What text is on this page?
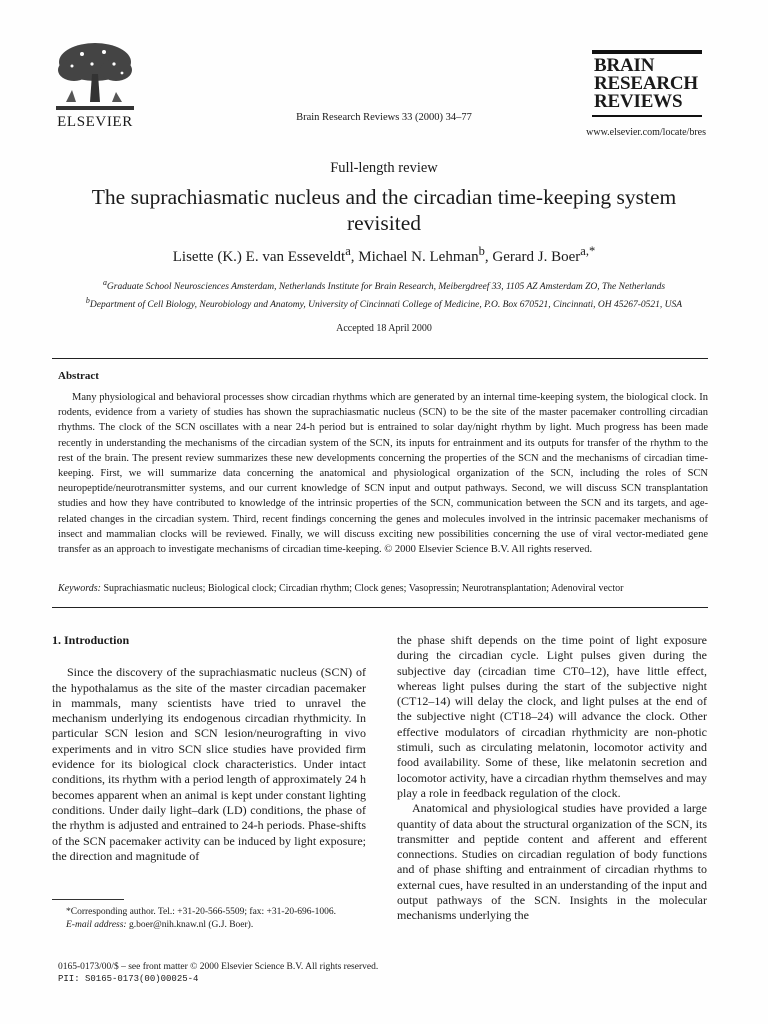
ELSEVIER	Brain Research Reviews 33 (2000) 34–77
BRAIN
RESEARCH
REVIEWS
www.elsevier.com/locate/bres
Full-length review
The suprachiasmatic nucleus and the circadian time-keeping system revisited
Lisette (K.) E. van Esseveldt$^a$, Michael N. Lehman$^b$, Gerard J. Boer$^{a,*}$
$^a$Graduate School Neurosciences Amsterdam, Netherlands Institute for Brain Research, Meibergdreef 33, 1105 AZ Amsterdam ZO, The Netherlands
$^b$Department of Cell Biology, Neurobiology and Anatomy, University of Cincinnati College of Medicine, P.O. Box 670521, Cincinnati, OH 45267-0521, USA
Accepted 18 April 2000
Abstract
Many physiological and behavioral processes show circadian rhythms which are generated by an internal time-keeping system, the biological clock. In rodents, evidence from a variety of studies has shown the suprachiasmatic nucleus (SCN) to be the site of the master pacemaker controlling circadian rhythms. The clock of the SCN oscillates with a near 24-h period but is entrained to solar day/night rhythm by light. Much progress has been made recently in understanding the mechanisms of the circadian system of the SCN, its inputs for entrainment and its outputs for transfer of the rhythm to the rest of the brain. The present review summarizes these new developments concerning the properties of the SCN and the mechanisms of circadian time-keeping. First, we will summarize data concerning the anatomical and physiological organization of the SCN, including the roles of SCN neuropeptide/neurotransmitter systems, and our current knowledge of SCN input and output pathways. Second, we will discuss SCN transplantation studies and how they have contributed to knowledge of the intrinsic properties of the SCN, communication between the SCN and its targets, and age-related changes in the circadian system. Third, recent findings concerning the genes and molecules involved in the intrinsic pacemaker mechanisms of insect and mammalian clocks will be reviewed. Finally, we will discuss exciting new possibilities concerning the use of viral vector-mediated gene transfer as an approach to investigate mechanisms of circadian time-keeping. © 2000 Elsevier Science B.V. All rights reserved.
Keywords: Suprachiasmatic nucleus; Biological clock; Circadian rhythm; Clock genes; Vasopressin; Neurotransplantation; Adenoviral vector
1. Introduction

Since the discovery of the suprachiasmatic nucleus (SCN) of the hypothalamus as the site of the master circadian pacemaker in mammals, many scientists have tried to unravel the mechanism underlying its endogenous circadian rhythmicity. In particular SCN lesion and SCN lesion/neurografting in vivo experiments and in vitro SCN slice studies have provided firm evidence for its biological clock characteristics. Under intact conditions, its rhythm with a period length of approximately 24 h becomes apparent when an animal is kept under constant lighting conditions. Under daily light–dark (LD) conditions, the phase of the rhythm is adjusted and entrained to 24-h periods. Phase-shifts of the SCN pacemaker activity can be induced by light exposure; the direction and magnitude of

the phase shift depends on the time point of light exposure during the circadian cycle. Light pulses given during the subjective day (circadian time CT0–12), have little effect, whereas light pulses during the start of the subjective night (CT12–14) will delay the clock, and light pulses at the end of the subjective night (CT18–24) will advance the clock. Other effective modulators of circadian rhythmicity are non-photic stimuli, such as circulating melatonin, locomotor activity and food availability. Some of these, like melatonin secretion and locomotor activity, have a circadian rhythm themselves and may play a role in feedback regulation of the clock.

Anatomical and physiological studies have provided a large quantity of data about the structural organization of the SCN, its transmitter and peptide content and afferent and efferent connections. Studies on circadian regulation of body functions and of phase shifting and entrainment of circadian rhythms to external cues, have resulted in an understanding of the input and output pathways of the SCN. Insights in the molecular mechanisms underlying the

*Corresponding author. Tel.: +31-20-566-5509; fax: +31-20-696-1006.
E-mail address: g.boer@nih.knaw.nl (G.J. Boer).
0165-0173/00/$ – see front matter © 2000 Elsevier Science B.V. All rights reserved.
PII: S0165-0173(00)00025-4
